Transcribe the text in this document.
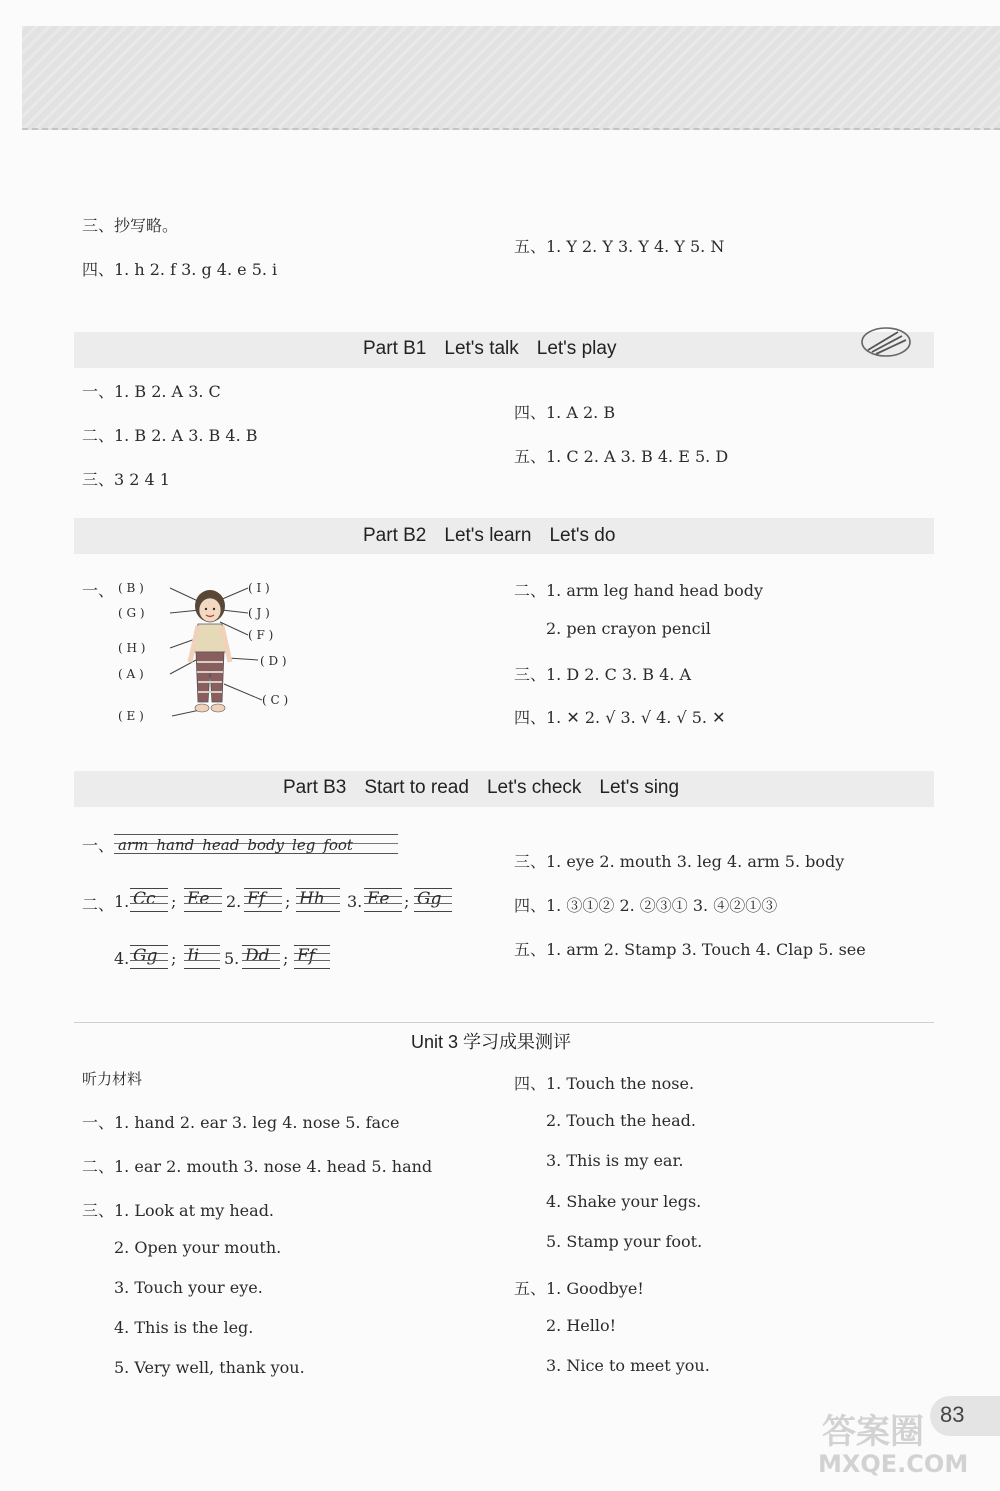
三、抄写略。
四、1. h 2. f 3. g 4. e 5. i
五、1. Y 2. Y 3. Y 4. Y 5. N
Part B1 Let's talk Let's play
一、1. B 2. A 3. C
二、1. B 2. A 3. B 4. B
三、3 2 4 1
四、1. A 2. B
五、1. C 2. A 3. B 4. E 5. D
Part B2 Let's learn Let's do
一、 ( B )
( G )
( H )
( A )
( E )
( I )
( J )
( F )
( D )
( C )
二、1. arm leg hand head body
2. pen crayon pencil
三、1. D 2. C 3. B 4. A
四、1. ✕ 2. √ 3. √ 4. √ 5. ✕
Part B3 Start to read Let's check Let's sing
一、 arm hand head body leg foot
二、 1. Cc ; Ee	2. Ff	; Hh	3. Ee ; Gg
4. Gg ; Ii	5. Dd ; Ff
三、1. eye 2. mouth 3. leg 4. arm 5. body
四、1. ③①② 2. ②③① 3. ④②①③
五、1. arm 2. Stamp 3. Touch 4. Clap 5. see
Unit 3 学习成果测评
听力材料
一、1. hand 2. ear 3. leg 4. nose 5. face
二、1. ear 2. mouth 3. nose 4. head 5. hand
三、1. Look at my head.
2. Open your mouth.
3. Touch your eye.
4. This is the leg.
5. Very well, thank you.
四、1. Touch the nose.
2. Touch the head.
3. This is my ear.
4. Shake your legs.
5. Stamp your foot.
五、1. Goodbye!
2. Hello!
3. Nice to meet you.
83
答案圈
MXQE.COM
